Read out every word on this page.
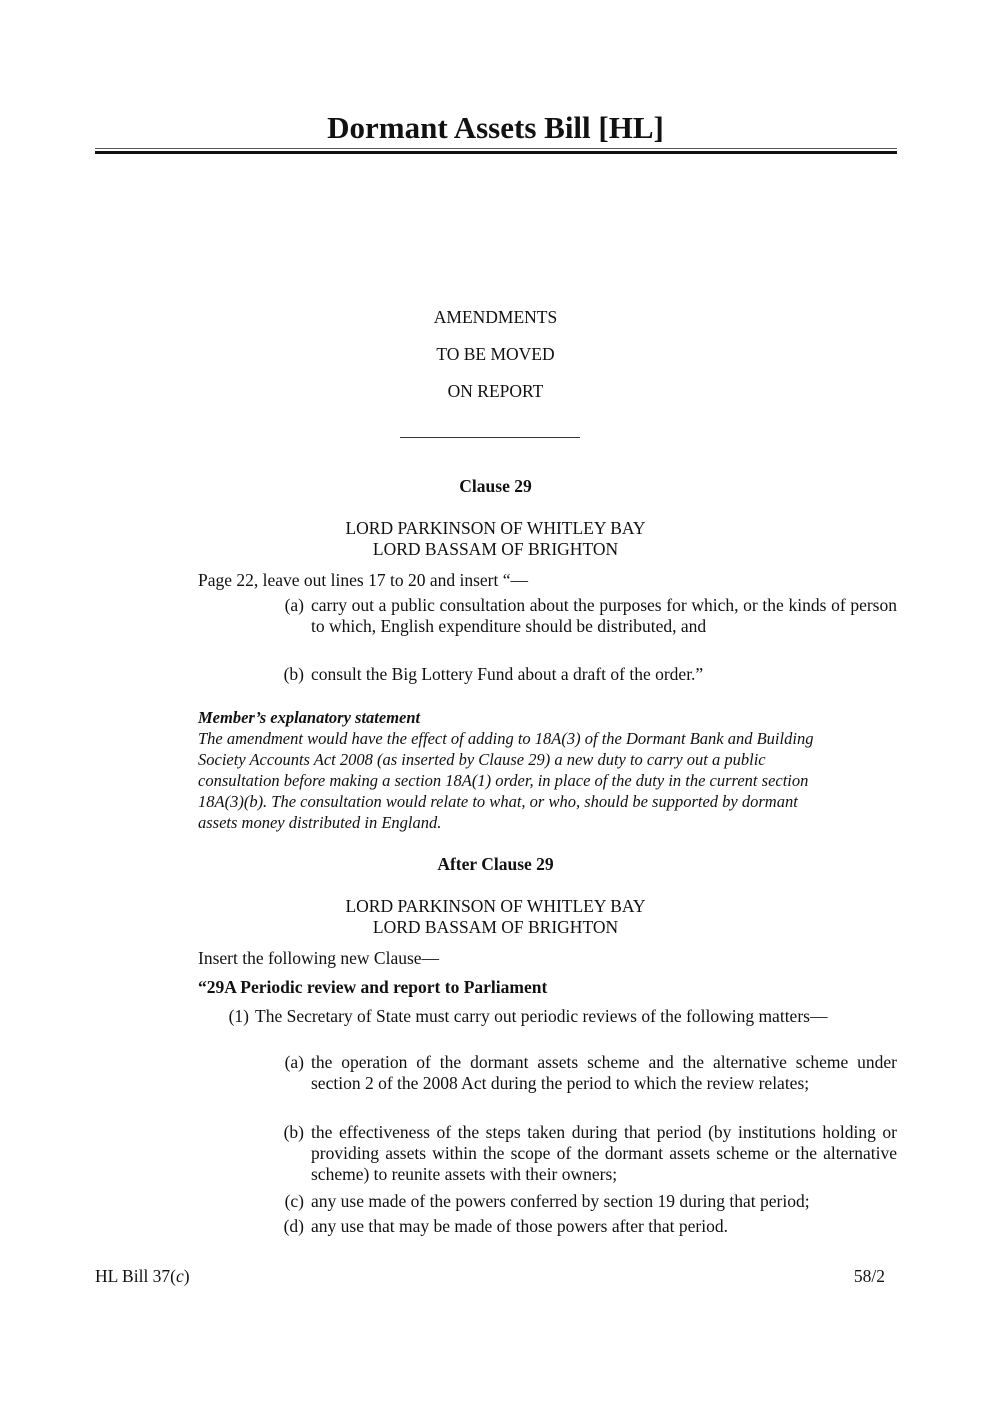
Dormant Assets Bill [HL]
AMENDMENTS
TO BE MOVED
ON REPORT
Clause 29
LORD PARKINSON OF WHITLEY BAY
LORD BASSAM OF BRIGHTON
Page 22, leave out lines 17 to 20 and insert “—
(a) carry out a public consultation about the purposes for which, or the kinds of person to which, English expenditure should be distributed, and
(b) consult the Big Lottery Fund about a draft of the order.”
Member’s explanatory statement
The amendment would have the effect of adding to 18A(3) of the Dormant Bank and Building
Society Accounts Act 2008 (as inserted by Clause 29) a new duty to carry out a public
consultation before making a section 18A(1) order, in place of the duty in the current section
18A(3)(b). The consultation would relate to what, or who, should be supported by dormant
assets money distributed in England.
After Clause 29
LORD PARKINSON OF WHITLEY BAY
LORD BASSAM OF BRIGHTON
Insert the following new Clause—
“29A Periodic review and report to Parliament
(1) The Secretary of State must carry out periodic reviews of the following matters—
(a) the operation of the dormant assets scheme and the alternative scheme under section 2 of the 2008 Act during the period to which the review relates;
(b) the effectiveness of the steps taken during that period (by institutions holding or providing assets within the scope of the dormant assets scheme or the alternative scheme) to reunite assets with their owners;
(c) any use made of the powers conferred by section 19 during that period;
(d) any use that may be made of those powers after that period.
HL Bill 37(c)	58/2
